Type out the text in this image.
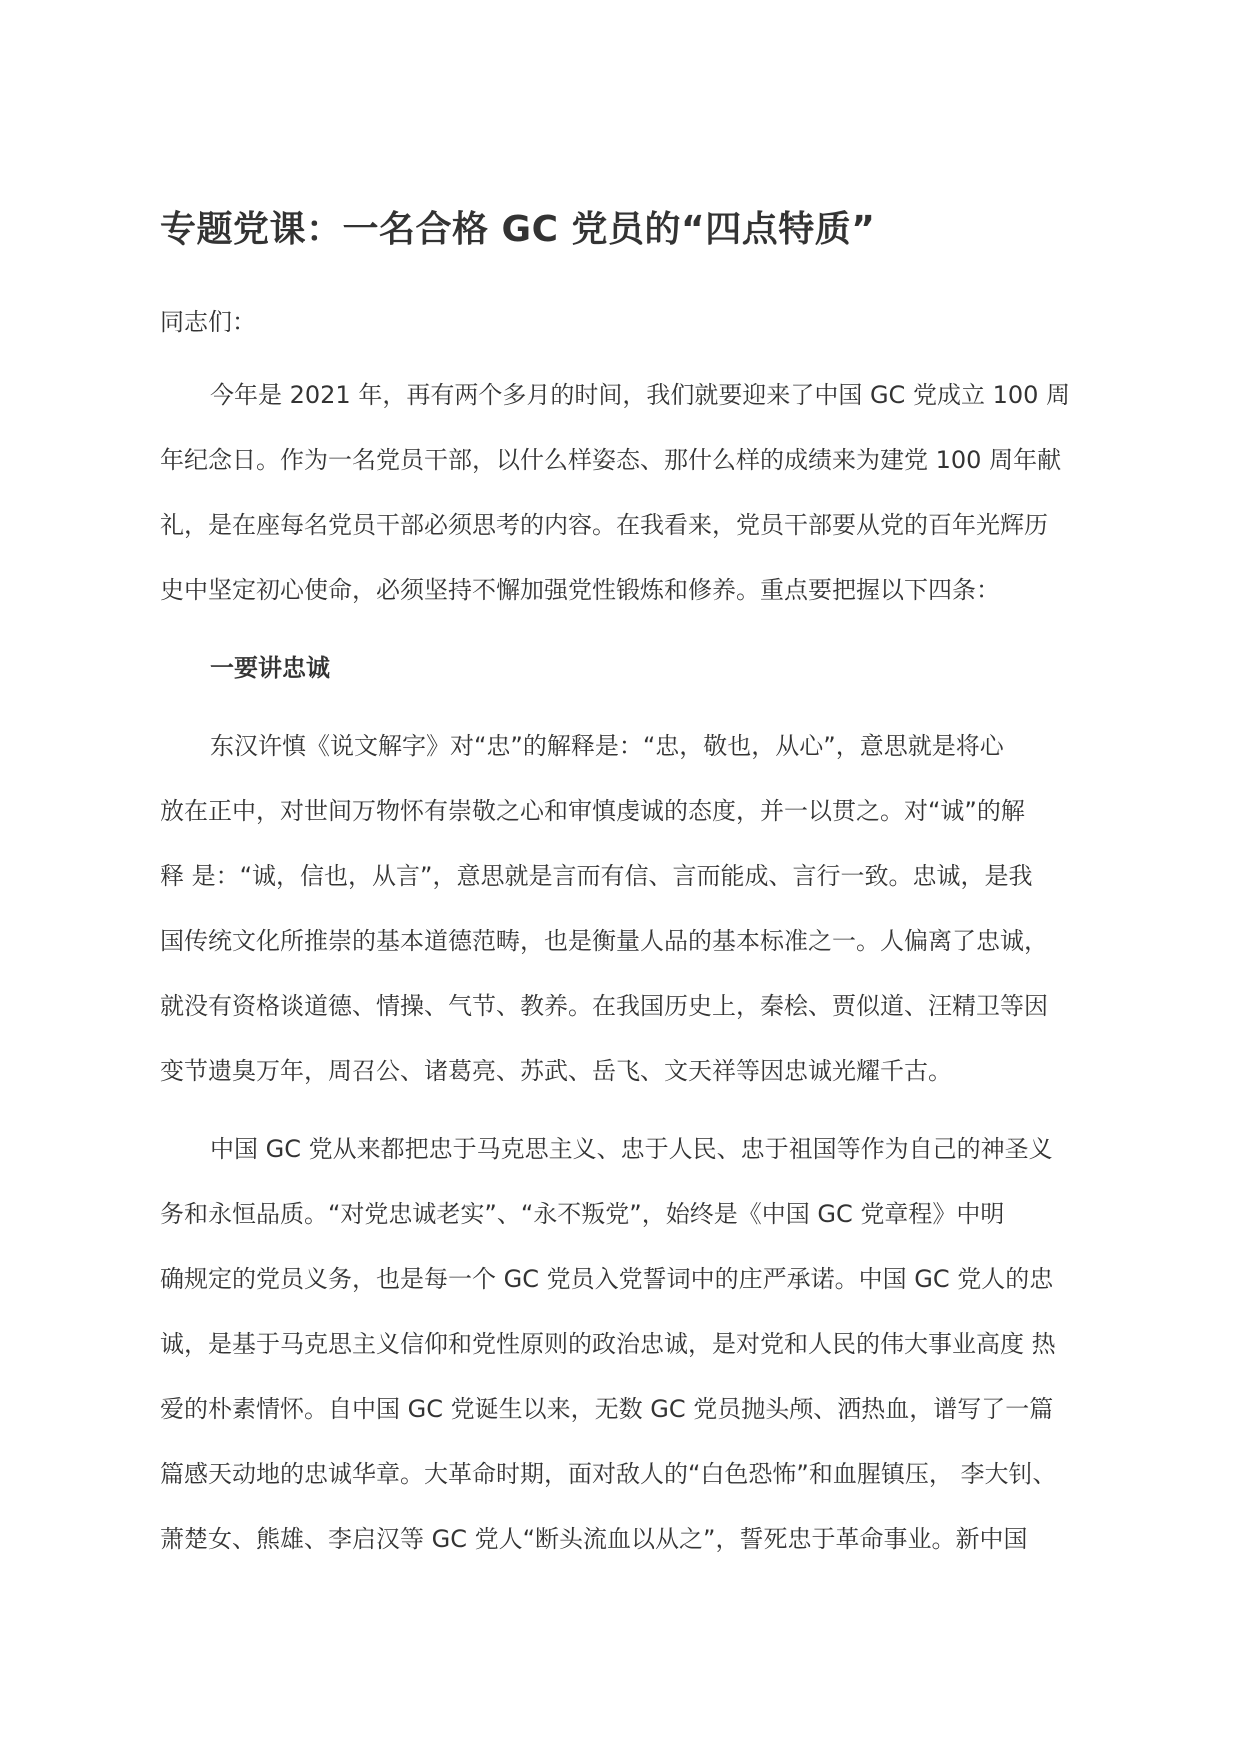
专题党课：一名合格 GC 党员的“四点特质”
同志们：
今年是 2021 年，再有两个多月的时间，我们就要迎来了中国 GC 党成立 100 周
年纪念日。作为一名党员干部，以什么样姿态、那什么样的成绩来为建党 100 周年献
礼，是在座每名党员干部必须思考的内容。在我看来，党员干部要从党的百年光辉历
史中坚定初心使命，必须坚持不懈加强党性锻炼和修养。重点要把握以下四条：
一要讲忠诚
东汉许慎《说文解字》对“忠”的解释是：“忠，敬也，从心”，意思就是将心
放在正中，对世间万物怀有崇敬之心和审慎虔诚的态度，并一以贯之。对“诚”的解
释 是：“诚，信也，从言”，意思就是言而有信、言而能成、言行一致。忠诚，是我
国传统文化所推崇的基本道德范畴，也是衡量人品的基本标准之一。人偏离了忠诚，
就没有资格谈道德、情操、气节、教养。在我国历史上，秦桧、贾似道、汪精卫等因
变节遗臭万年，周召公、诸葛亮、苏武、岳飞、文天祥等因忠诚光耀千古。
中国 GC 党从来都把忠于马克思主义、忠于人民、忠于祖国等作为自己的神圣义
务和永恒品质。“对党忠诚老实”、“永不叛党”，始终是《中国 GC 党章程》中明
确规定的党员义务，也是每一个 GC 党员入党誓词中的庄严承诺。中国 GC 党人的忠
诚，是基于马克思主义信仰和党性原则的政治忠诚，是对党和人民的伟大事业高度 热
爱的朴素情怀。自中国 GC 党诞生以来，无数 GC 党员抛头颅、洒热血，谱写了一篇
篇感天动地的忠诚华章。大革命时期，面对敌人的“白色恐怖”和血腥镇压， 李大钊、
萧楚女、熊雄、李启汉等 GC 党人“断头流血以从之”，誓死忠于革命事业。新中国
